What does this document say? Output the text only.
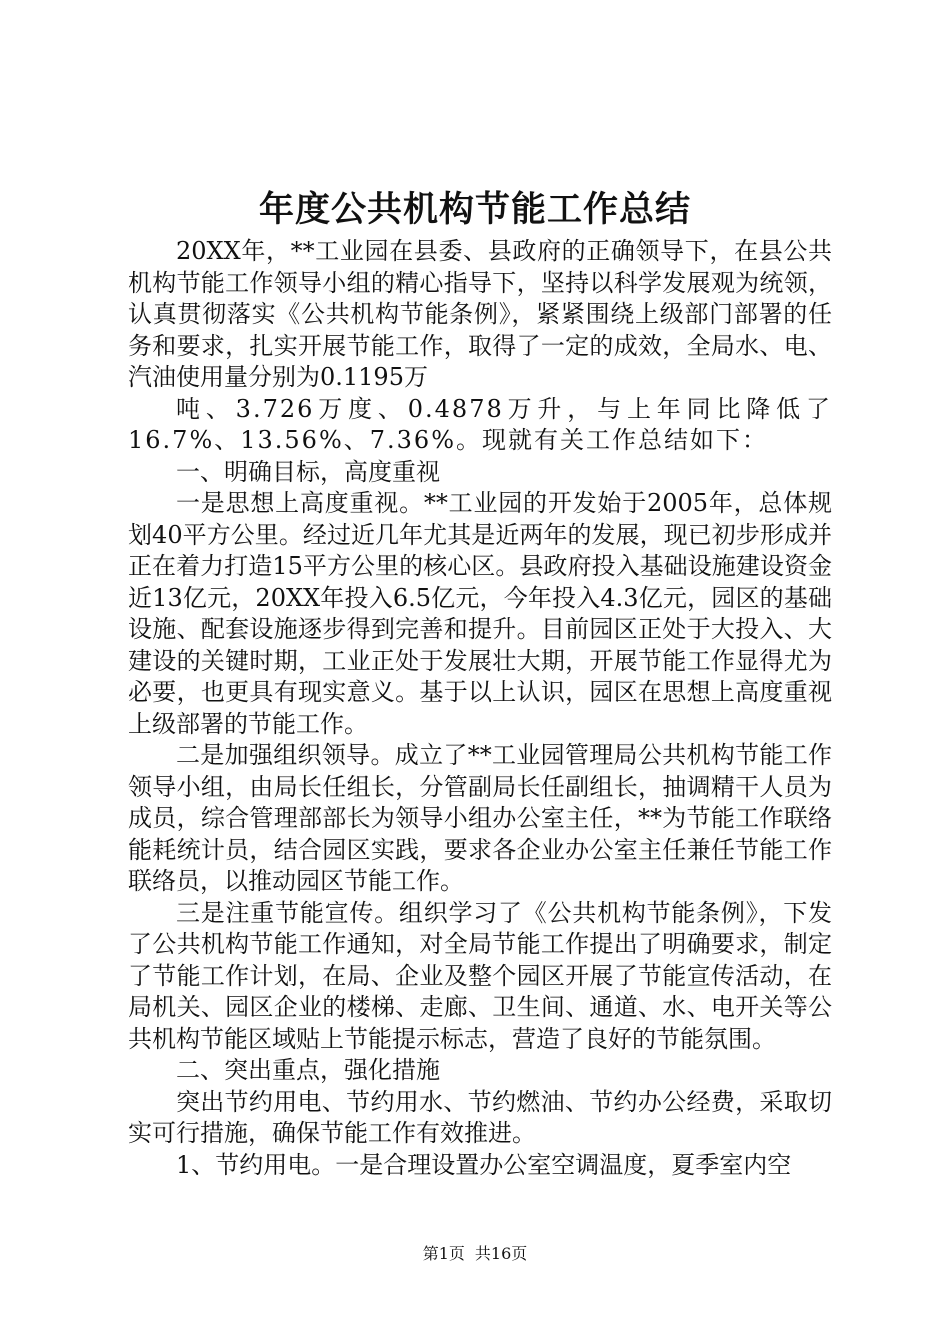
年度公共机构节能工作总结

20XX年，**工业园在县委、县政府的正确领导下，在县公共机构节能工作领导小组的精心指导下，坚持以科学发展观为统领，认真贯彻落实《公共机构节能条例》，紧紧围绕上级部门部署的任务和要求，扎实开展节能工作，取得了一定的成效，全局水、电、汽油使用量分别为0.1195万

吨、3.726万度、0.4878万升，与上年同比降低了16.7%、13.56%、7.36%。现就有关工作总结如下：

一、明确目标，高度重视

一是思想上高度重视。**工业园的开发始于2005年，总体规划40平方公里。经过近几年尤其是近两年的发展，现已初步形成并正在着力打造15平方公里的核心区。县政府投入基础设施建设资金近13亿元，20XX年投入6.5亿元，今年投入4.3亿元，园区的基础设施、配套设施逐步得到完善和提升。目前园区正处于大投入、大建设的关键时期，工业正处于发展壮大期，开展节能工作显得尤为必要，也更具有现实意义。基于以上认识，园区在思想上高度重视上级部署的节能工作。

二是加强组织领导。成立了**工业园管理局公共机构节能工作领导小组，由局长任组长，分管副局长任副组长，抽调精干人员为成员，综合管理部部长为领导小组办公室主任，**为节能工作联络能耗统计员，结合园区实践，要求各企业办公室主任兼任节能工作联络员，以推动园区节能工作。

三是注重节能宣传。组织学习了《公共机构节能条例》，下发了公共机构节能工作通知，对全局节能工作提出了明确要求，制定了节能工作计划，在局、企业及整个园区开展了节能宣传活动，在局机关、园区企业的楼梯、走廊、卫生间、通道、水、电开关等公共机构节能区域贴上节能提示标志，营造了良好的节能氛围。

二、突出重点，强化措施

突出节约用电、节约用水、节约燃油、节约办公经费，采取切实可行措施，确保节能工作有效推进。

1、节约用电。一是合理设置办公室空调温度，夏季室内空

第1页 共16页
